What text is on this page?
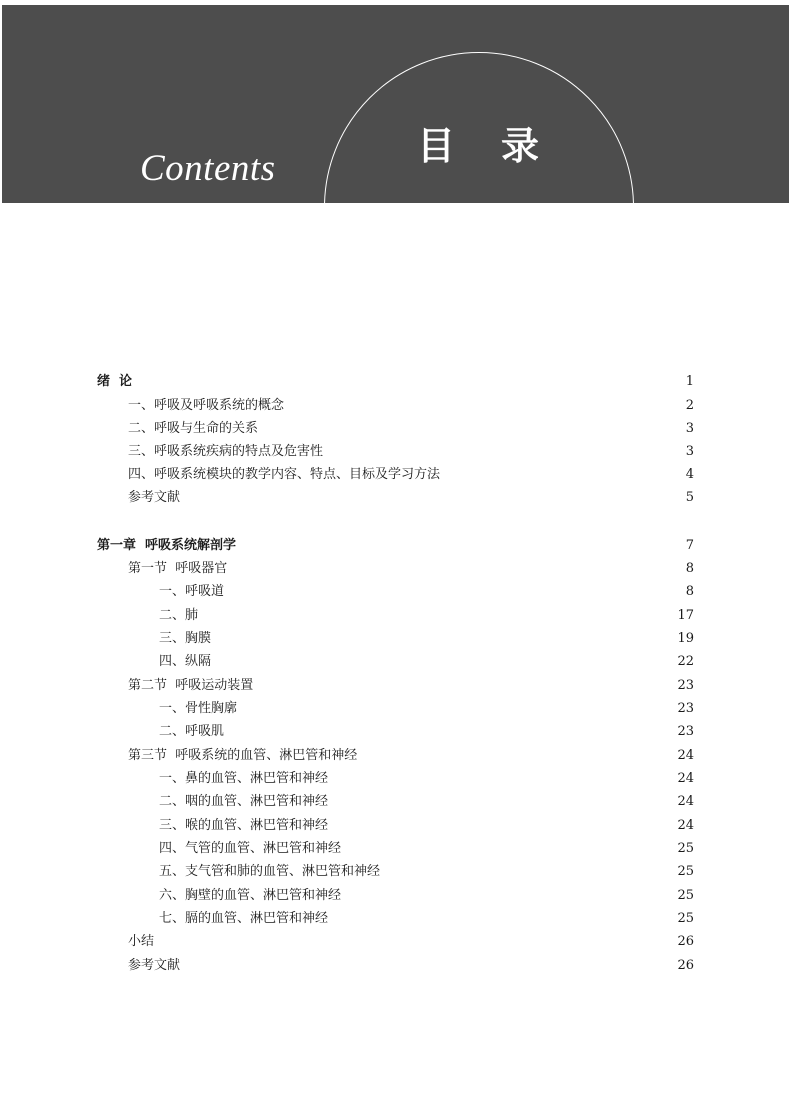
Contents
目录
绪  论	1
一、呼吸及呼吸系统的概念	2
二、呼吸与生命的关系	3
三、呼吸系统疾病的特点及危害性	3
四、呼吸系统模块的教学内容、特点、目标及学习方法	4
参考文献	5
第一章  呼吸系统解剖学	7
第一节  呼吸器官	8
一、呼吸道	8
二、肺	17
三、胸膜	19
四、纵隔	22
第二节  呼吸运动装置	23
一、骨性胸廓	23
二、呼吸肌	23
第三节  呼吸系统的血管、淋巴管和神经	24
一、鼻的血管、淋巴管和神经	24
二、咽的血管、淋巴管和神经	24
三、喉的血管、淋巴管和神经	24
四、气管的血管、淋巴管和神经	25
五、支气管和肺的血管、淋巴管和神经	25
六、胸壁的血管、淋巴管和神经	25
七、膈的血管、淋巴管和神经	25
小结	26
参考文献	26
